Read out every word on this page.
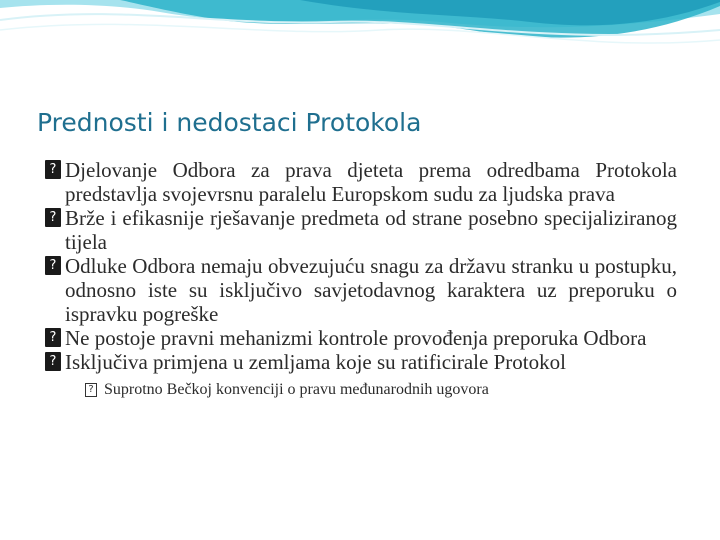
Prednosti i nedostaci Protokola
? Djelovanje Odbora za prava djeteta prema odredbama Protokola predstavlja svojevrsnu paralelu Europskom sudu za ljudska prava
? Brže i efikasnije rješavanje predmeta od strane posebno specijaliziranog tijela
? Odluke Odbora nemaju obvezujuću snagu za državu stranku u postupku, odnosno iste su isključivo savjetodavnog karaktera uz preporuku o ispravku pogreške
? Ne postoje pravni mehanizmi kontrole provođenja preporuka Odbora
? Isključiva primjena u zemljama koje su ratificirale Protokol
? Suprotno Bečkoj konvenciji o pravu međunarodnih ugovora
